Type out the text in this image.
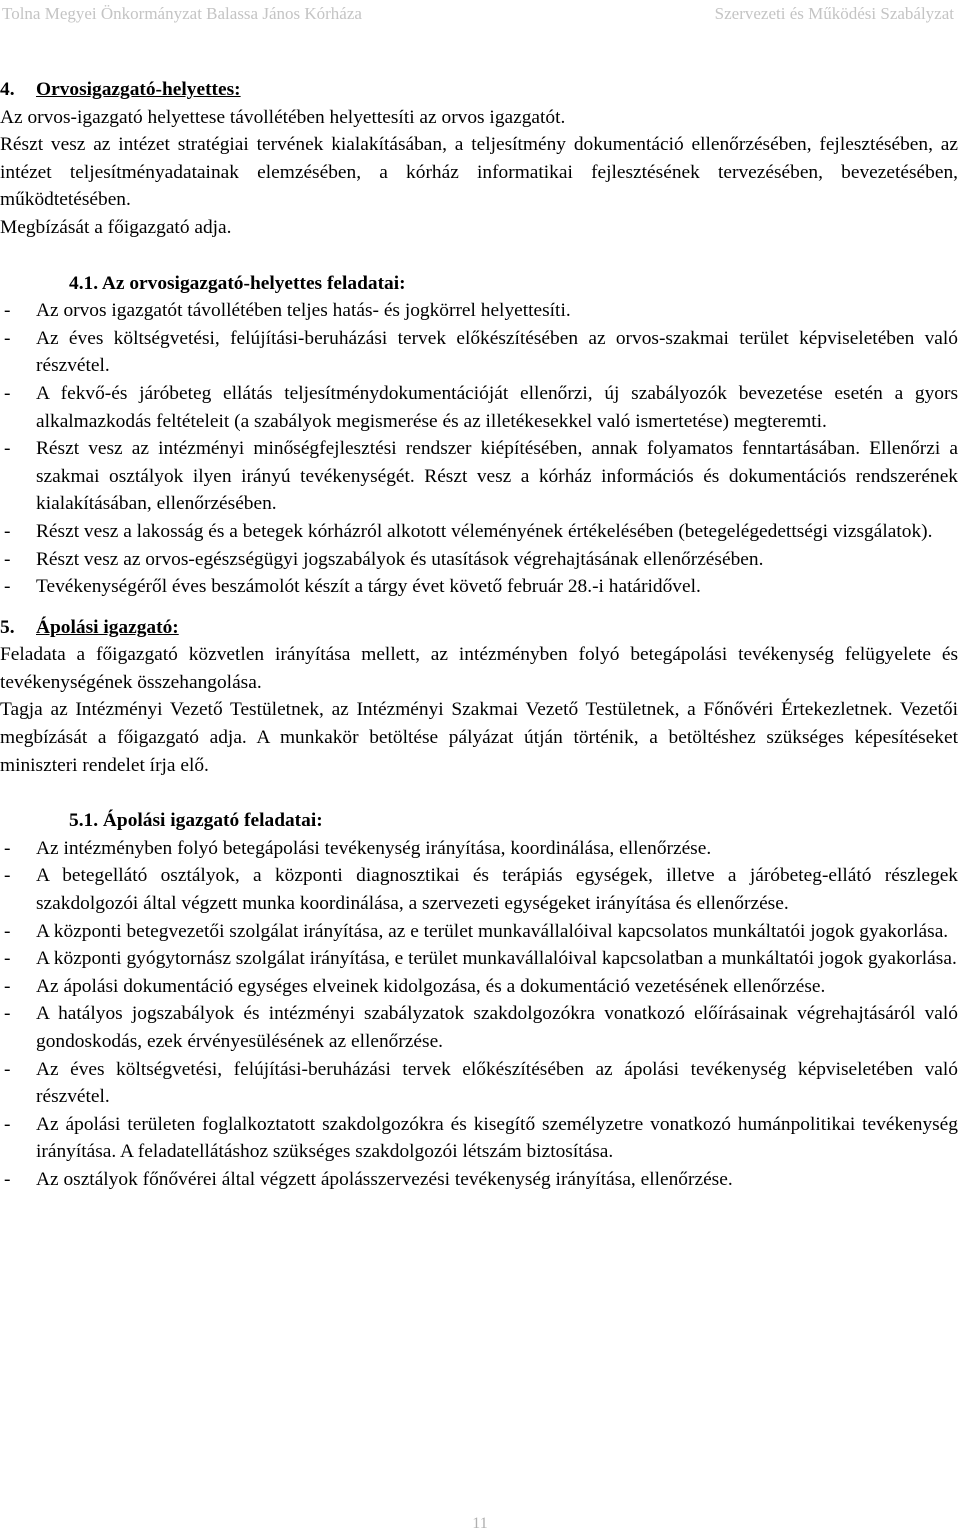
Tolna Megyei Önkormányzat Balassa János Kórháza	Szervezeti és Működési Szabályzat
4. Orvosigazgató-helyettes:

Az orvos-igazgató helyettese távollétében helyettesíti az orvos igazgatót.

Részt vesz az intézet stratégiai tervének kialakításában, a teljesítmény dokumentáció ellenőrzésében, fejlesztésében, az intézet teljesítményadatainak elemzésében, a kórház informatikai fejlesztésének tervezésében, bevezetésében, működtetésében.

Megbízását a főigazgató adja.

4.1. Az orvosigazgató-helyettes feladatai:
- Az orvos igazgatót távollétében teljes hatás- és jogkörrel helyettesíti.
- Az éves költségvetési, felújítási-beruházási tervek előkészítésében az orvos-szakmai terület képviseletében való részvétel.
- A fekvő-és járóbeteg ellátás teljesítménydokumentációját ellenőrzi, új szabályozók bevezetése esetén a gyors alkalmazkodás feltételeit (a szabályok megismerése és az illetékesekkel való ismertetése) megteremti.
- Részt vesz az intézményi minőségfejlesztési rendszer kiépítésében, annak folyamatos fenntartásában. Ellenőrzi a szakmai osztályok ilyen irányú tevékenységét. Részt vesz a kórház információs és dokumentációs rendszerének kialakításában, ellenőrzésében.
- Részt vesz a lakosság és a betegek kórházról alkotott véleményének értékelésében (betegelégedettségi vizsgálatok).
- Részt vesz az orvos-egészségügyi jogszabályok és utasítások végrehajtásának ellenőrzésében.
- Tevékenységéről éves beszámolót készít a tárgy évet követő február 28.-i határidővel.
5. Ápolási igazgató:

Feladata a főigazgató közvetlen irányítása mellett, az intézményben folyó betegápolási tevékenység felügyelete és tevékenységének összehangolása.

Tagja az Intézményi Vezető Testületnek, az Intézményi Szakmai Vezető Testületnek, a Főnővéri Értekezletnek. Vezetői megbízását a főigazgató adja. A munkakör betöltése pályázat útján történik, a betöltéshez szükséges képesítéseket miniszteri rendelet írja elő.

5.1. Ápolási igazgató feladatai:
- Az intézményben folyó betegápolási tevékenység irányítása, koordinálása, ellenőrzése.
- A betegellátó osztályok, a központi diagnosztikai és terápiás egységek, illetve a járóbeteg-ellátó részlegek szakdolgozói által végzett munka koordinálása, a szervezeti egységeket irányítása és ellenőrzése.
- A központi betegvezetői szolgálat irányítása, az e terület munkavállalóival kapcsolatos munkáltatói jogok gyakorlása.
- A központi gyógytornász szolgálat irányítása, e terület munkavállalóival kapcsolatban a munkáltatói jogok gyakorlása.
- Az ápolási dokumentáció egységes elveinek kidolgozása, és a dokumentáció vezetésének ellenőrzése.
- A hatályos jogszabályok és intézményi szabályzatok szakdolgozókra vonatkozó előírásainak végrehajtásáról való gondoskodás, ezek érvényesülésének az ellenőrzése.
- Az éves költségvetési, felújítási-beruházási tervek előkészítésében az ápolási tevékenység képviseletében való részvétel.
- Az ápolási területen foglalkoztatott szakdolgozókra és kisegítő személyzetre vonatkozó humánpolitikai tevékenység irányítása. A feladatellátáshoz szükséges szakdolgozói létszám biztosítása.
- Az osztályok főnővérei által végzett ápolásszervezési tevékenység irányítása, ellenőrzése.
11
